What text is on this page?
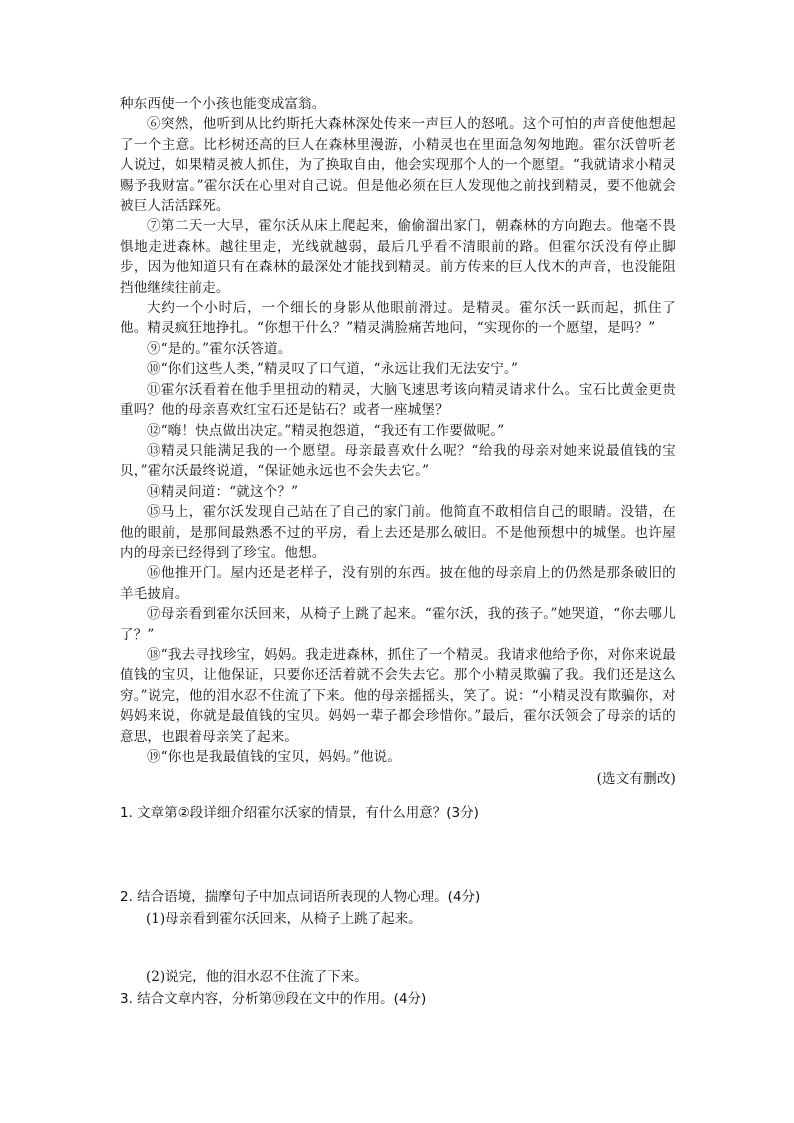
种东西使一个小孩也能变成富翁。

⑥突然，他听到从比约斯托大森林深处传来一声巨人的怒吼。这个可怕的声音使他想起了一个主意。比杉树还高的巨人在森林里漫游，小精灵也在里面急匆匆地跑。霍尔沃曾听老人说过，如果精灵被人抓住，为了换取自由，他会实现那个人的一个愿望。“我就请求小精灵赐予我财富。”霍尔沃在心里对自己说。但是他必须在巨人发现他之前找到精灵，要不他就会被巨人活活踩死。

⑦第二天一大早，霍尔沃从床上爬起来，偷偷溜出家门，朝森林的方向跑去。他毫不畏惧地走进森林。越往里走，光线就越弱，最后几乎看不清眼前的路。但霍尔沃没有停止脚步，因为他知道只有在森林的最深处才能找到精灵。前方传来的巨人伐木的声音，也没能阻挡他继续往前走。

大约一个小时后，一个细长的身影从他眼前滑过。是精灵。霍尔沃一跃而起，抓住了他。精灵疯狂地挣扎。“你想干什么？”精灵满脸痛苦地问，“实现你的一个愿望，是吗？”

⑨“是的。”霍尔沃答道。

⑩“你们这些人类，”精灵叹了口气道，“永远让我们无法安宁。”

⑪霍尔沃看着在他手里扭动的精灵，大脑飞速思考该向精灵请求什么。宝石比黄金更贵重吗？他的母亲喜欢红宝石还是钻石？或者一座城堡？

⑫“嗨！快点做出决定。”精灵抱怨道，“我还有工作要做呢。”

⑬精灵只能满足我的一个愿望。母亲最喜欢什么呢？“给我的母亲对她来说最值钱的宝贝，”霍尔沃最终说道，“保证她永远也不会失去它。”

⑭精灵问道：“就这个？”

⑮马上，霍尔沃发现自己站在了自己的家门前。他简直不敢相信自己的眼睛。没错，在他的眼前，是那间最熟悉不过的平房，看上去还是那么破旧。不是他预想中的城堡。也许屋内的母亲已经得到了珍宝。他想。

⑯他推开门。屋内还是老样子，没有别的东西。披在他的母亲肩上的仍然是那条破旧的羊毛披肩。

⑰母亲看到霍尔沃回来，从椅子上跳了起来。“霍尔沃，我的孩子。”她哭道，“你去哪儿了？”

⑱“我去寻找珍宝，妈妈。我走进森林，抓住了一个精灵。我请求他给予你，对你来说最值钱的宝贝，让他保证，只要你还活着就不会失去它。那个小精灵欺骗了我。我们还是这么穷。”说完，他的泪水忍不住流了下来。他的母亲摇摇头，笑了。说：“小精灵没有欺骗你，对妈妈来说，你就是最值钱的宝贝。妈妈一辈子都会珍惜你。”最后，霍尔沃领会了母亲的话的意思，也跟着母亲笑了起来。

⑲“你也是我最值钱的宝贝，妈妈。”他说。

(选文有删改)

1. 文章第②段详细介绍霍尔沃家的情景，有什么用意？(3分)

2. 结合语境，揣摩句子中加点词语所表现的人物心理。(4分)

(1)母亲看到霍尔沃回来，从椅子上跳了起来。

(2)说完，他的泪水忍不住流了下来。

3. 结合文章内容，分析第⑲段在文中的作用。(4分)
